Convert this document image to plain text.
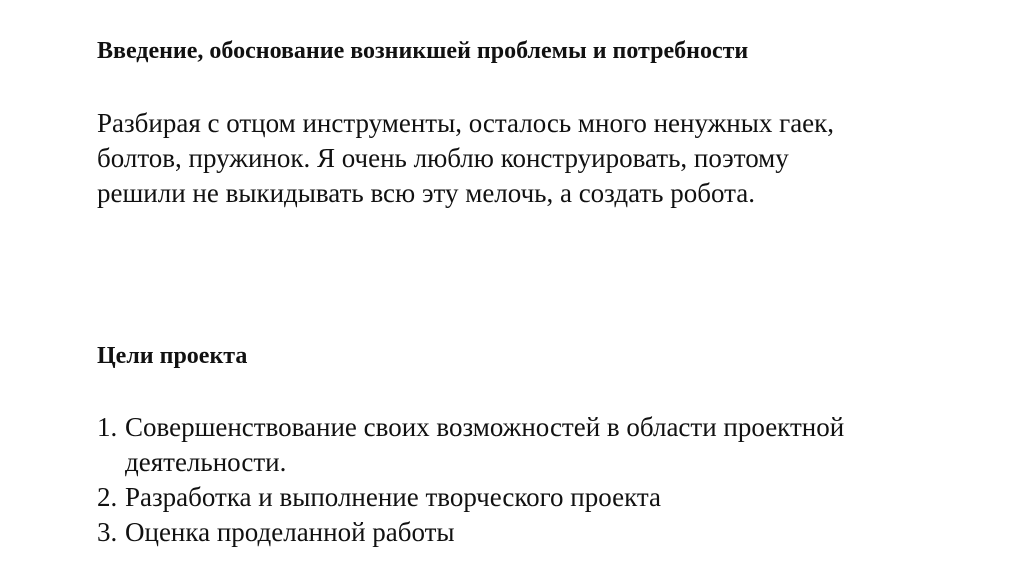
Введение, обоснование возникшей проблемы и потребности
Разбирая с отцом инструменты, осталось много ненужных гаек,
болтов, пружинок. Я очень люблю конструировать, поэтому
решили не выкидывать всю эту мелочь, а создать робота.
Цели проекта
1. Совершенствование своих возможностей в области проектной
деятельности.
2. Разработка и выполнение творческого проекта
3. Оценка проделанной работы
